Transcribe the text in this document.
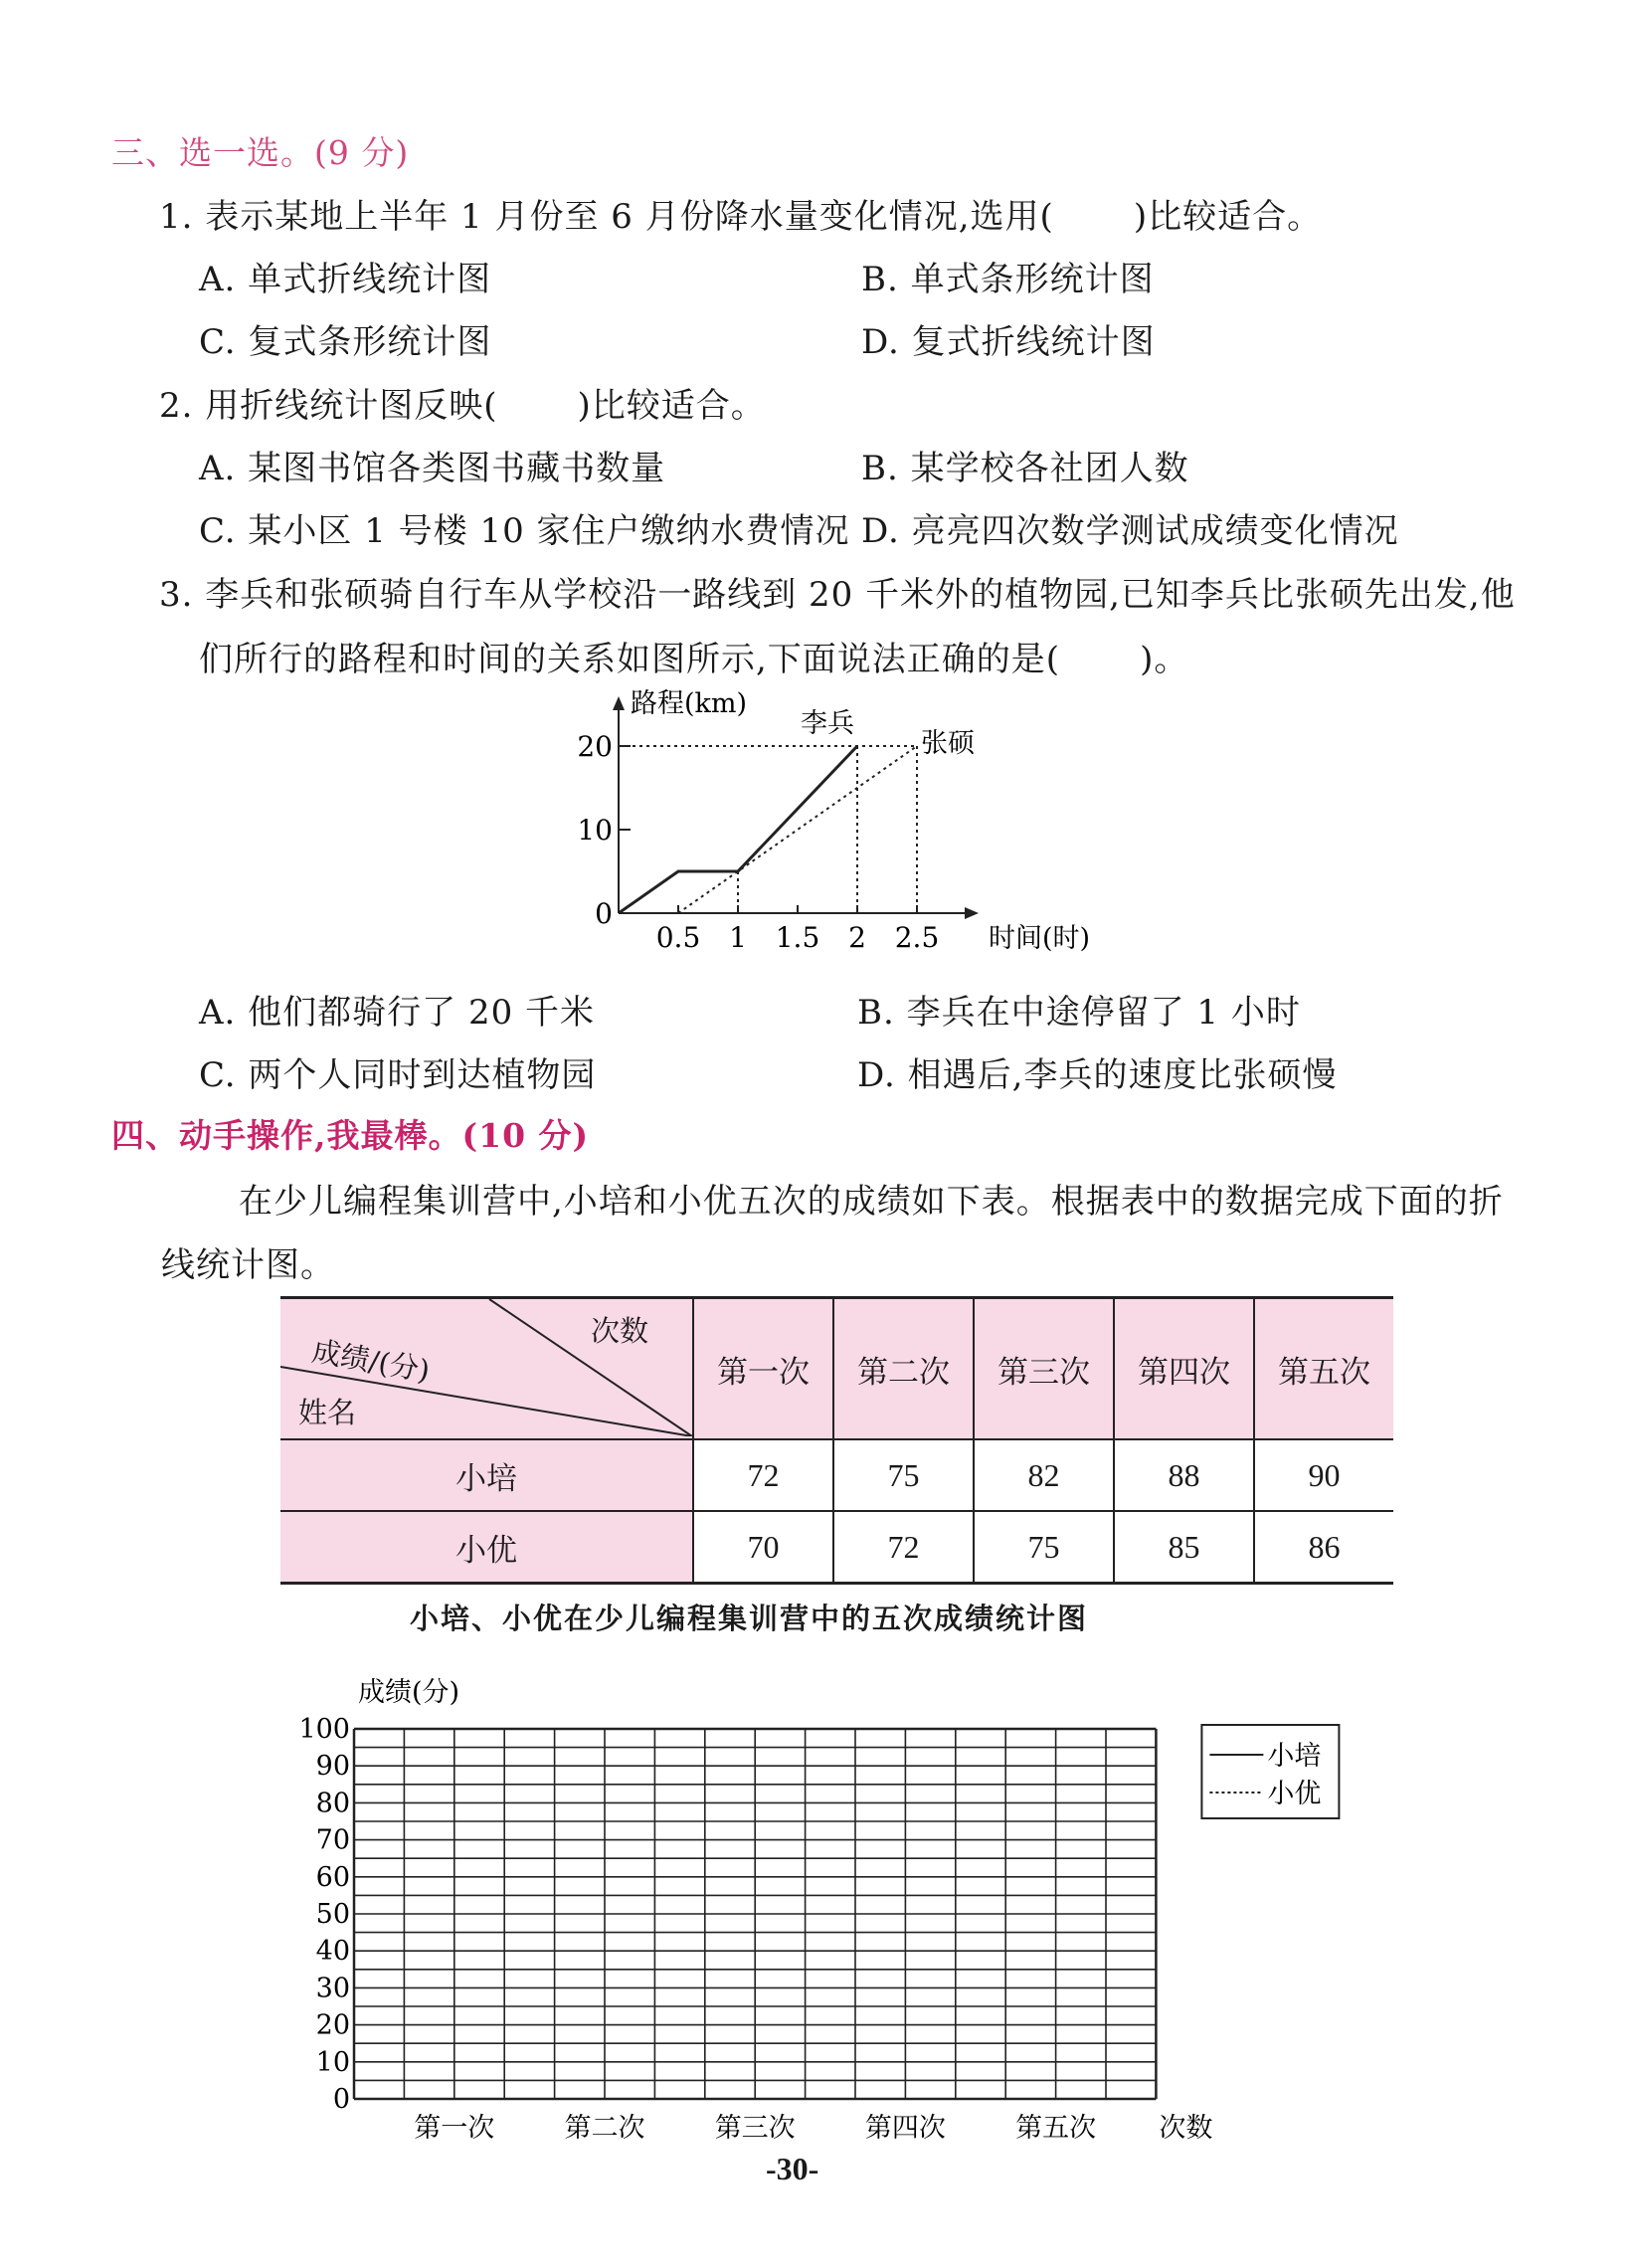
三、选一选。(9 分)
1. 表示某地上半年 1 月份至 6 月份降水量变化情况,选用( )比较适合。
A. 单式折线统计图	B. 单式条形统计图
C. 复式条形统计图	D. 复式折线统计图
2. 用折线统计图反映( )比较适合。
A. 某图书馆各类图书藏书数量	B. 某学校各社团人数
C. 某小区 1 号楼 10 家住户缴纳水费情况 D. 亮亮四次数学测试成绩变化情况
3. 李兵和张硕骑自行车从学校沿一路线到 20 千米外的植物园,已知李兵比张硕先出发,他
们所行的路程和时间的关系如图所示,下面说法正确的是( )。
0.5 1 1.5 2 2.5
0
10
20
李兵
张硕
路程(km)
时间(时)
A. 他们都骑行了 20 千米	B. 李兵在中途停留了 1 小时
C. 两个人同时到达植物园	D. 相遇后,李兵的速度比张硕慢
四、动手操作,我最棒。(10 分)
在少儿编程集训营中,小培和小优五次的成绩如下表。根据表中的数据完成下面的折
线统计图。
次数
成绩/(分)
姓名	第一次	第二次	第三次	第四次	第五次
小培	72	75	82	88	90
小优	70	72	75	85	86
小培、小优在少儿编程集训营中的五次成绩统计图
0
10
20
30
40
50
60
70
80
90
100
第一次	第二次	第三次	第四次	第五次 次数
成绩(分)
小培
小优
-30-
